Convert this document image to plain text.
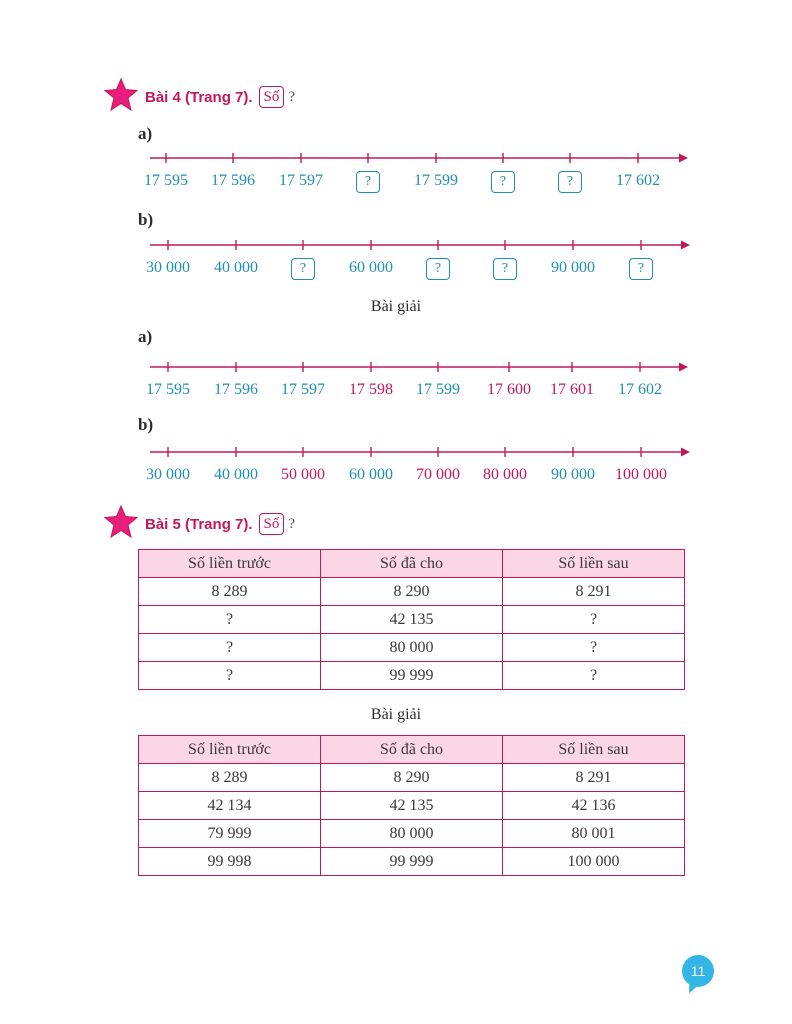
Bài 4 (Trang 7). Số ?
a)
b)
Bài giải
a)
b)
17 595 17 596 17 597	?	17 599	?	?	17 602
30 000 40 000	?	60 000	?	?	90 000	?
17 595 17 596 17 597 17 598 17 599 17 600 17 601 17 602
30 000 40 000 50 000 60 000 70 000 80 000 90 000 100 000
Bài 5 (Trang 7). Số ?
Số liền trước	Số đã cho	Số liền sau
8 289	8 290	8 291
?	42 135	?
?	80 000	?
?	99 999	?
Bài giải
Số liền trước	Số đã cho	Số liền sau
8 289	8 290	8 291
42 134	42 135	42 136
79 999	80 000	80 001
99 998	99 999	100 000
11
